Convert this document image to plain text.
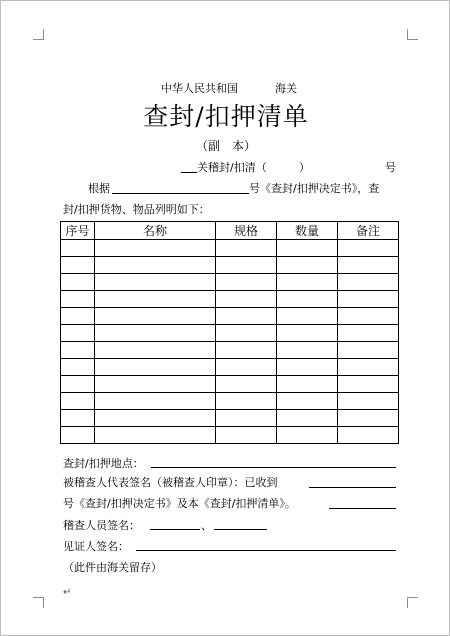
中华人民共和国	海关
查封/扣押清单
（副　本）
关稽封/扣清（	）	号
根据	号《查封/扣押决定书》，查
封/扣押货物、物品列明如下：
序号	名称	规格	数量	备注

查封/扣押地点：
被稽查人代表签名（被稽查人印章）：已收到
号《查封/扣押决定书》及本《查封/扣押清单》。
稽查人员签名：	、
见证人签名：
（此件由海关留存）
↵
